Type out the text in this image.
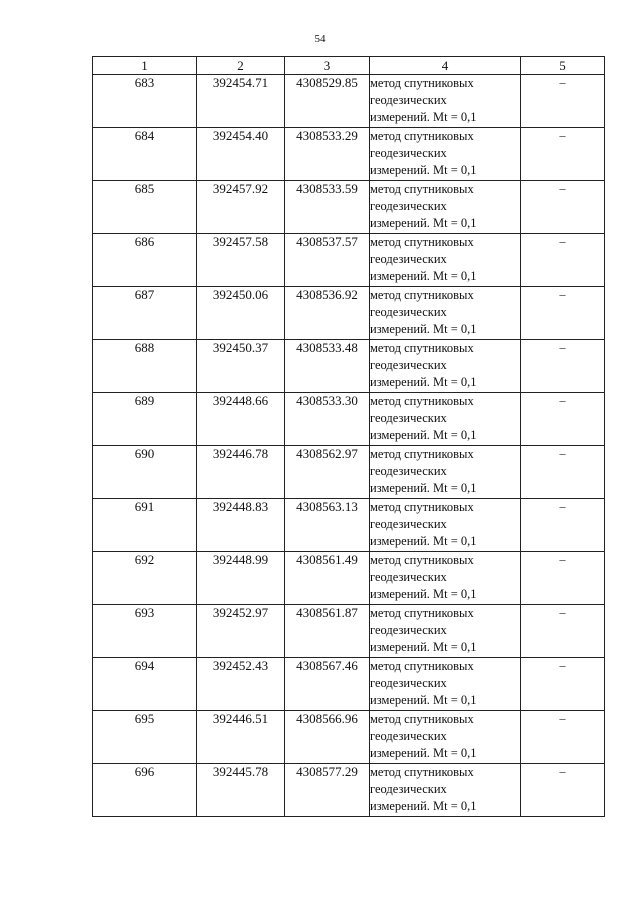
54
1	2	3	4	5
683	392454.71	4308529.85	метод спутниковых
геодезических
измерений. Mt = 0,1	–
684	392454.40	4308533.29	метод спутниковых
геодезических
измерений. Mt = 0,1	–
685	392457.92	4308533.59	метод спутниковых
геодезических
измерений. Mt = 0,1	–
686	392457.58	4308537.57	метод спутниковых
геодезических
измерений. Mt = 0,1	–
687	392450.06	4308536.92	метод спутниковых
геодезических
измерений. Mt = 0,1	–
688	392450.37	4308533.48	метод спутниковых
геодезических
измерений. Mt = 0,1	–
689	392448.66	4308533.30	метод спутниковых
геодезических
измерений. Mt = 0,1	–
690	392446.78	4308562.97	метод спутниковых
геодезических
измерений. Mt = 0,1	–
691	392448.83	4308563.13	метод спутниковых
геодезических
измерений. Mt = 0,1	–
692	392448.99	4308561.49	метод спутниковых
геодезических
измерений. Mt = 0,1	–
693	392452.97	4308561.87	метод спутниковых
геодезических
измерений. Mt = 0,1	–
694	392452.43	4308567.46	метод спутниковых
геодезических
измерений. Mt = 0,1	–
695	392446.51	4308566.96	метод спутниковых
геодезических
измерений. Mt = 0,1	–
696	392445.78	4308577.29	метод спутниковых
геодезических
измерений. Mt = 0,1	–
